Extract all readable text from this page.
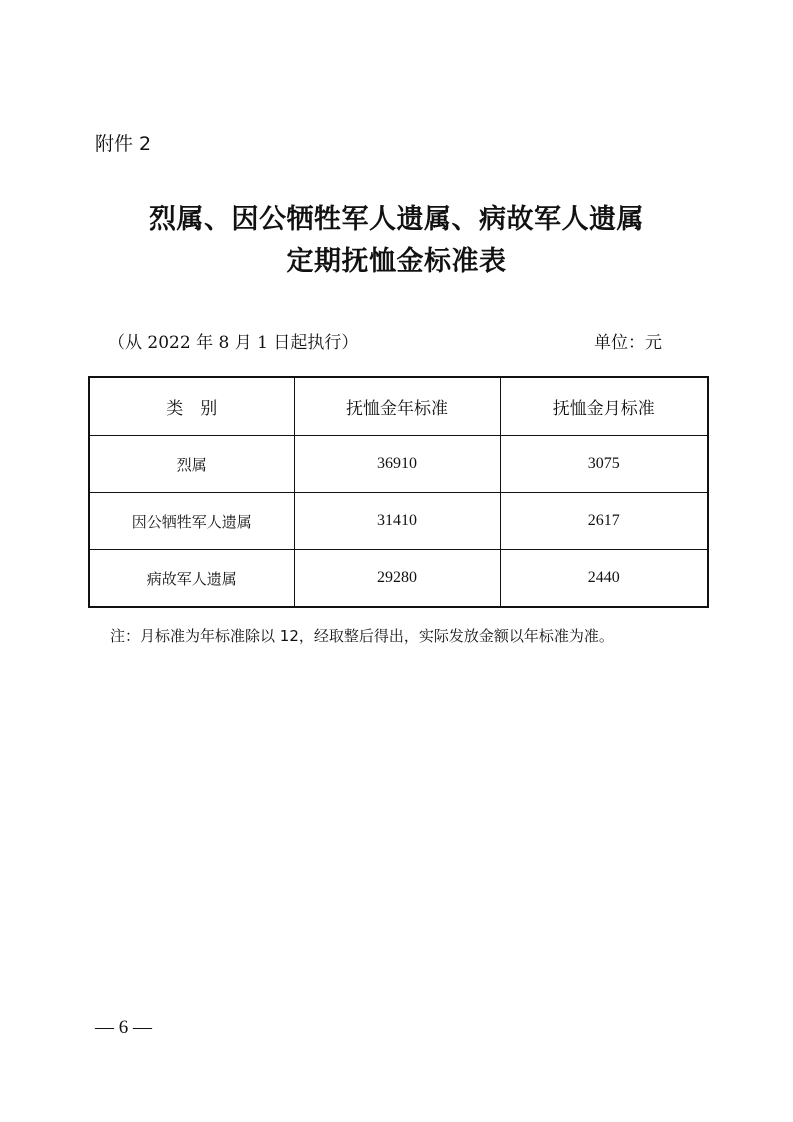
附件 2
烈属、因公牺牲军人遗属、病故军人遗属
定期抚恤金标准表
（从 2022 年 8 月 1 日起执行）	单位：元
类　别	抚恤金年标准	抚恤金月标准
烈属	36910	3075
因公牺牲军人遗属	31410	2617
病故军人遗属	29280	2440
注：月标准为年标准除以 12，经取整后得出，实际发放金额以年标准为准。
— 6 —
